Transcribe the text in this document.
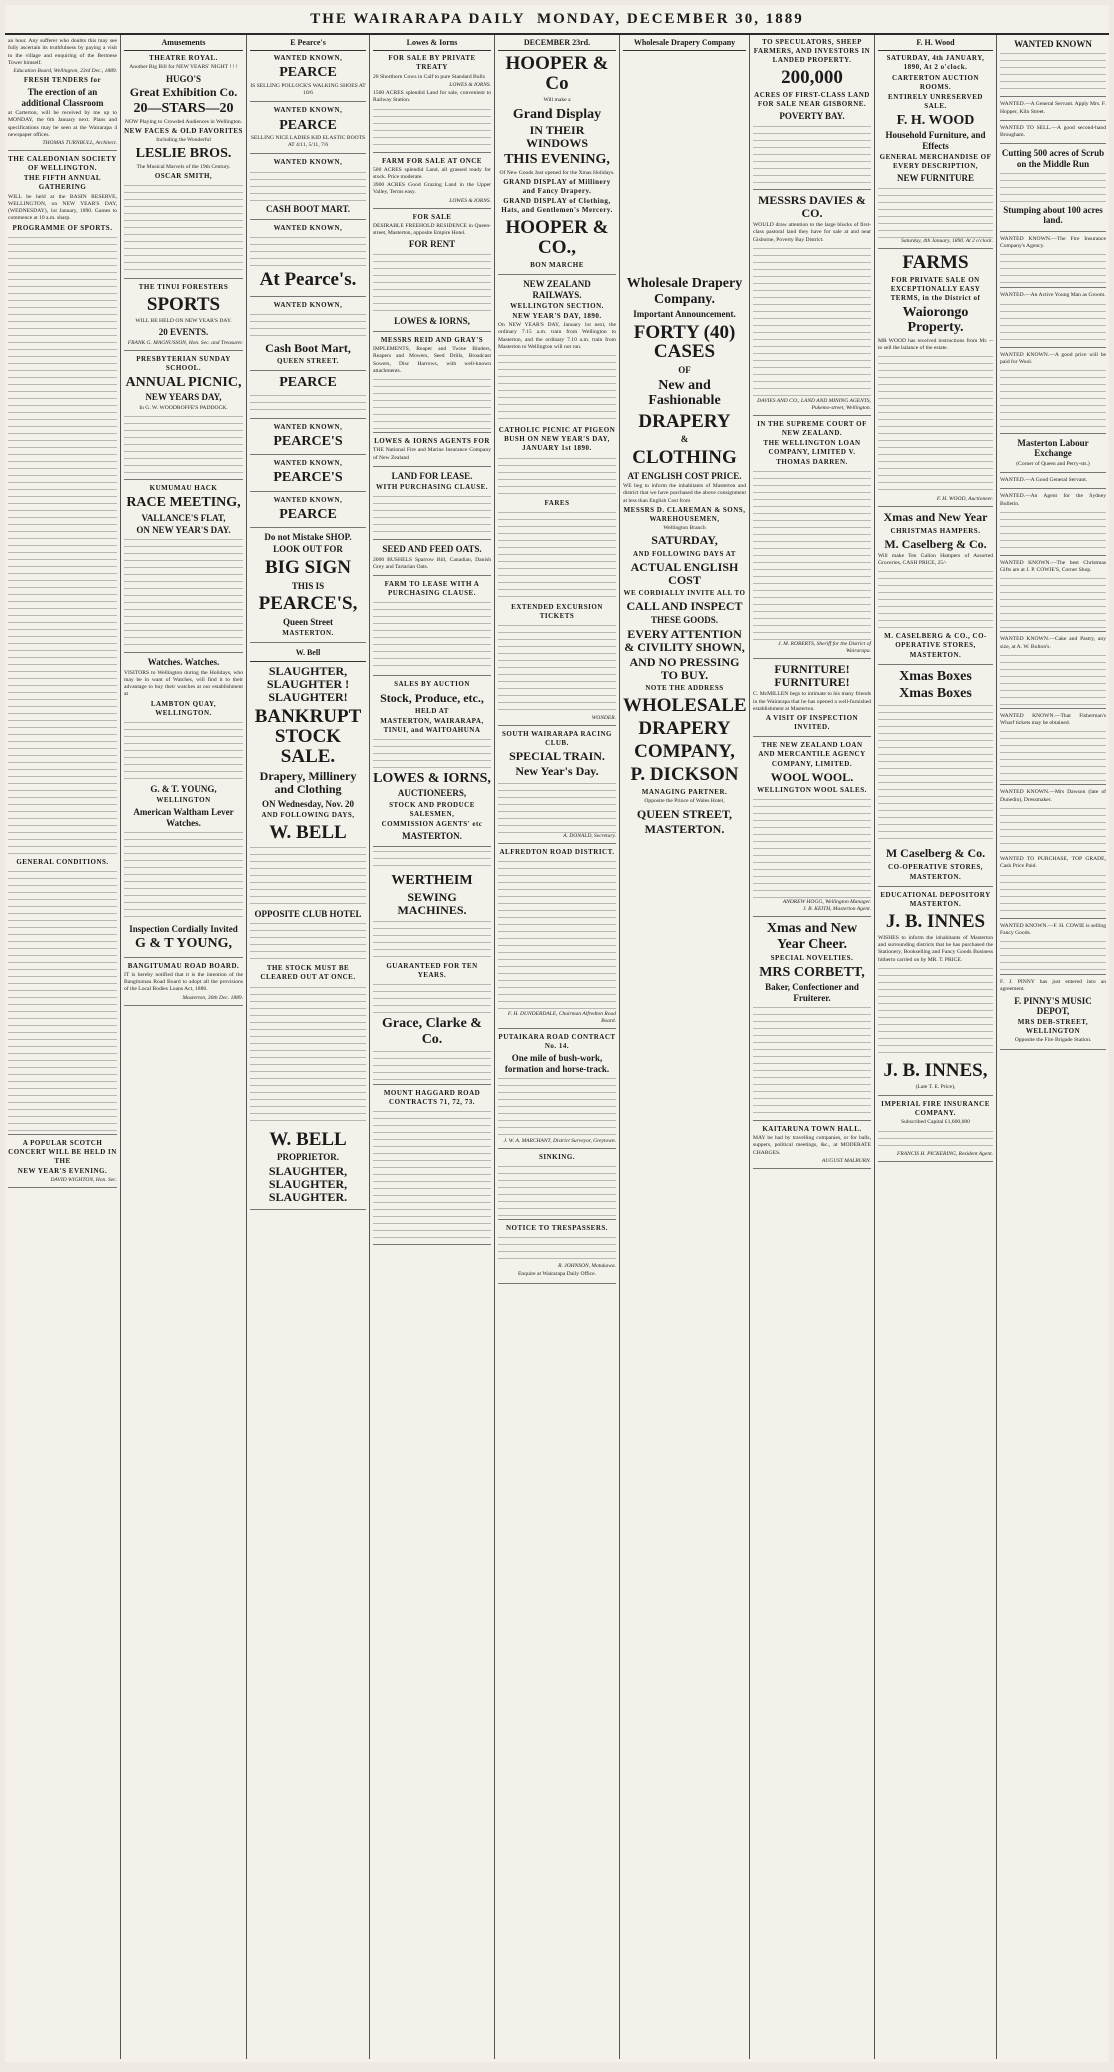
THE WAIRARAPA DAILY MONDAY, DECEMBER 30, 1889
an hour. Any sufferer who doubts this may see fully ascertain its truthfulness by paying a visit to the village and enquiring of the Bermese Tower himself.
Education Board, Wellington, 23rd Dec., 1889.
FRESH TENDERS for
The erection of an additional Classroom
at Carterton, will be received by me up to MONDAY, the 6th January next. Plans and specifications may be seen at the Wairarapa 4 newspaper offices.
THOMAS TURNBULL, Architect.
THE CALEDONIAN SOCIETY OF WELLINGTON.
THE FIFTH ANNUAL GATHERING
WILL be held at the BASIN RESERVE, WELLINGTON, on NEW YEAR'S DAY, (WEDNESDAY), 1st January, 1890. Games to commence at 10 a.m. sharp.
PROGRAMME OF SPORTS.
GENERAL CONDITIONS.
A POPULAR SCOTCH CONCERT WILL BE HELD IN THE
NEW YEAR'S EVENING.
DAVID WIGHTON, Hon. Sec.
Amusements
THEATRE ROYAL.
Another Big Bill for NEW YEARS' NIGHT ! ! !
HUGO'S
Great Exhibition Co.
20—STARS—20
NOW Playing to Crowded Audiences in Wellington.
NEW FACES & OLD FAVORITES
Including the Wonderful
LESLIE BROS.
The Musical Marvels of the 19th Century.
OSCAR SMITH,
THE TINUI FORESTERS
SPORTS
WILL BE HELD ON NEW YEAR'S DAY.
20 EVENTS.
FRANK G. MAGNUSSON, Hon. Sec. and Treasurer.
PRESBYTERIAN SUNDAY SCHOOL.
ANNUAL PICNIC,
NEW YEARS DAY,
In G. W. WOODROFFE'S PADDOCK.
KUMUMAU HACK
RACE MEETING,
VALLANCE'S FLAT,
ON NEW YEAR'S DAY.
Watches. Watches.
VISITORS to Wellington during the Holidays, who may be in want of Watches, will find it to their advantage to buy their watches at our establishment at
LAMBTON QUAY, WELLINGTON.
G. & T. YOUNG,
WELLINGTON
American Waltham Lever Watches.
Inspection Cordially Invited
G & T YOUNG,
BANGITUMAU ROAD BOARD.
IT is hereby notified that it is the intention of the Bangitumau Road Board to adopt all the provisions of the Local Bodies Loans Act, 1886.
Masterton, 30th Dec. 1889.
E Pearce's
WANTED KNOWN,
PEARCE
IS SELLING POLLOCK'S WALKING SHOES AT 10/6
WANTED KNOWN,
PEARCE
SELLING NICE LADIES KID ELASTIC BOOTS AT 4/11, 5/11, 7/6
WANTED KNOWN,
CASH BOOT MART.
WANTED KNOWN,
At Pearce's.
WANTED KNOWN,
Cash Boot Mart,
QUEEN STREET.
PEARCE
WANTED KNOWN,
PEARCE'S
WANTED KNOWN,
PEARCE'S
WANTED KNOWN,
PEARCE
Do not Mistake SHOP.
LOOK OUT FOR
BIG SIGN
THIS IS
PEARCE'S,
Queen Street
MASTERTON.
W. Bell
SLAUGHTER, SLAUGHTER ! SLAUGHTER!
BANKRUPT STOCK SALE.
Drapery, Millinery and Clothing
ON Wednesday, Nov. 20
AND FOLLOWING DAYS,
W. BELL
OPPOSITE CLUB HOTEL
THE STOCK MUST BE CLEARED OUT AT ONCE.
W. BELL
PROPRIETOR.
SLAUGHTER, SLAUGHTER, SLAUGHTER.
Lowes & Iorns
FOR SALE BY PRIVATE TREATY
20 Shorthorn Cows in Calf to pure Standard Bulls
LOWES & IORNS.
1500 ACRES splendid Land for sale, convenient to Railway Station.
FARM FOR SALE AT ONCE
500 ACRES splendid Land, all grassed ready for stock. Price moderate.
3900 ACRES Good Grazing Land in the Upper Valley, Terms easy.
LOWES & IORNS.
FOR SALE
DESIRABLE FREEHOLD RESIDENCE in Queen-street, Masterton, opposite Empire Hotel.
FOR RENT
LOWES & IORNS,
MESSRS REID AND GRAY'S
IMPLEMENTS, Reaper and Twine Binders, Reapers and Mowers, Seed Drills, Broadcast Sowers, Disc Harrows, with well-known attachments.
LOWES & IORNS AGENTS FOR
THE National Fire and Marine Insurance Company of New Zealand
LAND FOR LEASE.
WITH PURCHASING CLAUSE.
SEED AND FEED OATS.
2000 BUSHELS Sparrow Bill, Canadian, Danish Grey and Tartarian Oats.
FARM TO LEASE WITH A PURCHASING CLAUSE.
SALES BY AUCTION
Stock, Produce, etc.,
HELD AT
MASTERTON, WAIRARAPA, TINUI, and WAITOAHUNA
LOWES & IORNS,
AUCTIONEERS,
STOCK AND PRODUCE SALESMEN,
COMMISSION AGENTS' etc
MASTERTON.
WERTHEIM
SEWING MACHINES.
GUARANTEED FOR TEN YEARS.
Grace, Clarke & Co.
MOUNT HAGGARD ROAD CONTRACTS 71, 72, 73.
DECEMBER 23rd.
HOOPER & Co
Will make a
Grand Display
IN THEIR WINDOWS
THIS EVENING,
Of New Goods Just opened for the Xmas Holidays.
GRAND DISPLAY of Millinery and Fancy Drapery.
GRAND DISPLAY of Clothing, Hats, and Gentlemen's Mercery.
HOOPER & CO.,
BON MARCHE
NEW ZEALAND RAILWAYS.
WELLINGTON SECTION.
NEW YEAR'S DAY, 1890.
On NEW YEAR'S DAY, January 1st next, the ordinary 7.15 a.m. train from Wellington to Masterton, and the ordinary 7.10 a.m. train from Masterton to Wellington will not run.
CATHOLIC PICNIC AT PIGEON BUSH ON NEW YEAR'S DAY, JANUARY 1st 1890.
FARES
EXTENDED EXCURSION TICKETS
WONDER.
SOUTH WAIRARAPA RACING CLUB.
SPECIAL TRAIN.
New Year's Day.
A. DONALD, Secretary.
ALFREDTON ROAD DISTRICT.
F. H. DUNDERDALE, Chairman Alfredton Road Board.
PUTAIKARA ROAD CONTRACT No. 14.
One mile of bush-work, formation and horse-track.
J. W. A. MARCHANT, District Surveyor, Greytown.
SINKING.
NOTICE TO TRESPASSERS.
R. JOHNSON, Motukawa.
Enquire at Wairarapa Daily Office.
Wholesale Drapery Company
Wholesale Drapery Company.
Important Announcement.
FORTY (40) CASES
OF
New and Fashionable
DRAPERY
&
CLOTHING
AT ENGLISH COST PRICE.
WE beg to inform the inhabitants of Masterton and district that we have purchased the above consignment at less than English Cost from
MESSRS D. CLAREMAN & SONS, WAREHOUSEMEN,
Wellington Branch
SATURDAY,
AND FOLLOWING DAYS AT
ACTUAL ENGLISH COST
WE CORDIALLY INVITE ALL TO
CALL AND INSPECT
THESE GOODS.
EVERY ATTENTION & CIVILITY SHOWN,
AND NO PRESSING TO BUY.
NOTE THE ADDRESS
WHOLESALE
DRAPERY
COMPANY,
P. DICKSON
MANAGING PARTNER.
Opposite the Prince of Wales Hotel,
QUEEN STREET,
MASTERTON.
TO SPECULATORS, SHEEP FARMERS, AND INVESTORS IN LANDED PROPERTY.
200,000
ACRES OF FIRST-CLASS LAND FOR SALE NEAR GISBORNE.
POVERTY BAY.
MESSRS DAVIES & CO.
WOULD draw attention to the large blocks of first-class pastoral land they have for sale at and near Gisborne, Poverty Bay District.
DAVIES AND CO., LAND AND MINING AGENTS, Pukemo-street, Wellington.
IN THE SUPREME COURT OF NEW ZEALAND.
THE WELLINGTON LOAN COMPANY, LIMITED V. THOMAS DARREN.
J. M. ROBERTS, Sheriff for the District of Wairarapa.
FURNITURE! FURNITURE!
C. McMILLEN begs to intimate to his many friends in the Wairarapa that he has opened a well-furnished establishment at Masterton.
A VISIT OF INSPECTION INVITED.
THE NEW ZEALAND LOAN AND MERCANTILE AGENCY COMPANY, LIMITED.
WOOL WOOL.
WELLINGTON WOOL SALES.
ANDREW HOGG, Wellington Manager.
J. B. KEITH, Masterton Agent.
Xmas and New Year Cheer.
SPECIAL NOVELTIES.
MRS CORBETT,
Baker, Confectioner and Fruiterer.
KAITARUNA TOWN HALL.
MAY be had by travelling companies, or for balls, suppers, political meetings, &c., at MODERATE CHARGES.
AUGUST MALBURN.
F. H. Wood
SATURDAY, 4th JANUARY, 1890, At 2 o'clock.
CARTERTON AUCTION ROOMS.
ENTIRELY UNRESERVED SALE.
F. H. WOOD
Household Furniture, and Effects
GENERAL MERCHANDISE OF EVERY DESCRIPTION,
NEW FURNITURE
Saturday, 4th January, 1890. At 2 o'clock.
FARMS
FOR PRIVATE SALE ON EXCEPTIONALLY EASY TERMS, in the District of
Waiorongo Property.
MR WOOD has received instructions from Mr. -- to sell the balance of the estate.
F. H. WOOD, Auctioneer.
Xmas and New Year
CHRISTMAS HAMPERS.
M. Caselberg & Co.
Will make Ten Gallon Hampers of Assorted Groceries, CASH PRICE, 25/-
M. CASELBERG & CO., CO-OPERATIVE STORES, MASTERTON.
Xmas Boxes
Xmas Boxes
M Caselberg & Co.
CO-OPERATIVE STORES,
MASTERTON.
EDUCATIONAL DEPOSITORY MASTERTON.
J. B. INNES
WISHES to inform the inhabitants of Masterton and surrounding districts that he has purchased the Stationery, Bookselling and Fancy Goods Business hitherto carried on by MR. T. PRICE.
J. B. INNES,
(Late T. E. Price),
IMPERIAL FIRE INSURANCE COMPANY.
Subscribed Capital £1,600,000
FRANCIS H. PICKERING, Resident Agent.
WANTED KNOWN
WANTED.—A General Servant. Apply Mrs. F. Hopper, Kiln Street.
WANTED TO SELL.—A good second-hand Brougham.
Cutting 500 acres of Scrub on the Middle Run
Stumping about 100 acres land.
WANTED KNOWN.—The Fire Insurance Company's Agency.
WANTED.—An Active Young Man as Groom.
WANTED KNOWN.—A good price will be paid for Wool.
Masterton Labour Exchange
(Corner of Queen and Perry-sts.)
WANTED.—A Good General Servant.
WANTED.—An Agent for the Sydney Bulletin.
WANTED KNOWN.—The best Christmas Gifts are at J. P. COWIE'S, Corner Shop.
WANTED KNOWN.—Cake and Pastry, any size, at A. W. Bolton's.
WANTED KNOWN.—That Fisherman's Wharf tickets may be obtained.
WANTED KNOWN.—Mrs Dawson (late of Dunedin), Dressmaker.
WANTED TO PURCHASE, TOP GRADE, Cash Price Paid.
WANTED KNOWN.—F. H. COWIE is selling Fancy Goods.
F. J. PINNY has just entered into an agreement.
F. PINNY'S MUSIC DEPOT,
MRS DEB-STREET, WELLINGTON
Opposite the Fire Brigade Station.
